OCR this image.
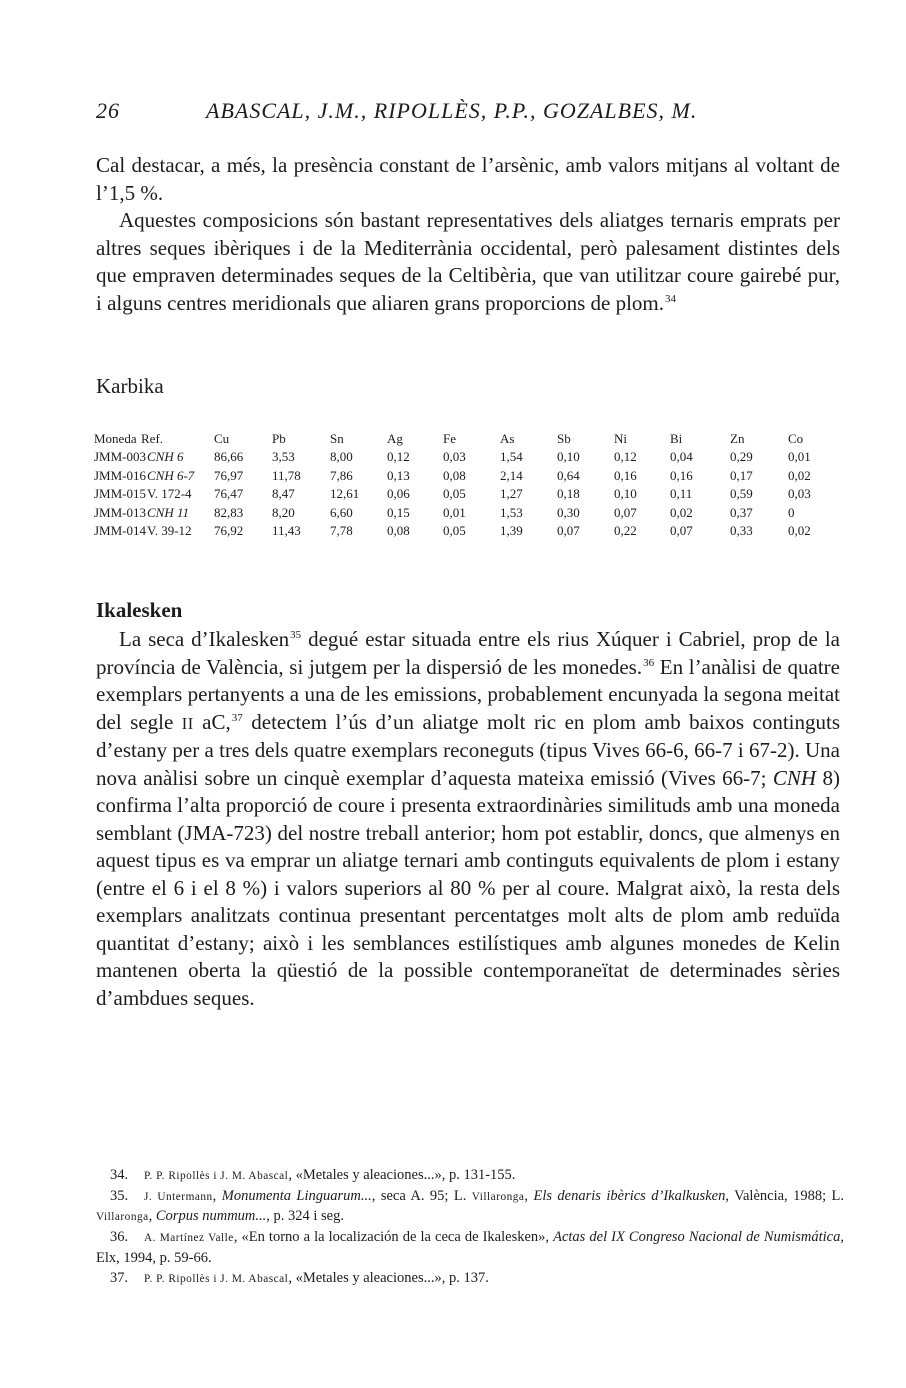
26	ABASCAL, J.M., RIPOLLÈS, P.P., GOZALBES, M.

Cal destacar, a més, la presència constant de l’arsènic, amb valors mitjans al voltant de l’1,5 %.

Aquestes composicions són bastant representatives dels aliatges ternaris emprats per altres seques ibèriques i de la Mediterrània occidental, però palesament distintes dels que empraven determinades seques de la Celtibèria, que van utilitzar coure gairebé pur, i alguns centres meridionals que aliaren grans proporcions de plom.$^{34}$

Karbika

Moneda	Ref.	Cu	Pb	Sn	Ag	Fe	As	Sb	Ni	Bi	Zn	Co
JMM-003	CNH 6	86,66	3,53	8,00	0,12	0,03	1,54	0,10	0,12	0,04	0,29	0,01
JMM-016	CNH 6-7	76,97	11,78	7,86	0,13	0,08	2,14	0,64	0,16	0,16	0,17	0,02
JMM-015	V. 172-4	76,47	8,47	12,61	0,06	0,05	1,27	0,18	0,10	0,11	0,59	0,03
JMM-013	CNH 11	82,83	8,20	6,60	0,15	0,01	1,53	0,30	0,07	0,02	0,37	0
JMM-014	V. 39-12	76,92	11,43	7,78	0,08	0,05	1,39	0,07	0,22	0,07	0,33	0,02

Ikalesken

La seca d’Ikalesken$^{35}$ degué estar situada entre els rius Xúquer i Cabriel, prop de la província de València, si jutgem per la dispersió de les monedes.$^{36}$ En l’anàlisi de quatre exemplars pertanyents a una de les emissions, probablement encunyada la segona meitat del segle II aC,$^{37}$ detectem l’ús d’un aliatge molt ric en plom amb baixos continguts d’estany per a tres dels quatre exemplars reconeguts (tipus Vives 66-6, 66-7 i 67-2). Una nova anàlisi sobre un cinquè exemplar d’aquesta mateixa emissió (Vives 66-7; CNH 8) confirma l’alta proporció de coure i presenta extraordinàries similituds amb una moneda semblant (JMA-723) del nostre treball anterior; hom pot establir, doncs, que almenys en aquest tipus es va emprar un aliatge ternari amb continguts equivalents de plom i estany (entre el 6 i el 8 %) i valors superiors al 80 % per al coure. Malgrat això, la resta dels exemplars analitzats continua presentant percentatges molt alts de plom amb reduïda quantitat d’estany; això i les semblances estilístiques amb algunes monedes de Kelin mantenen oberta la qüestió de la possible contemporaneïtat de determinades sèries d’ambdues seques.

34. P. P. Ripollès i J. M. Abascal, «Metales y aleaciones...», p. 131-155.

35. J. Untermann, Monumenta Linguarum..., seca A. 95; L. Villaronga, Els denaris ibèrics d’Ikalkusken, València, 1988; L. Villaronga, Corpus nummum..., p. 324 i seg.

36. A. Martínez Valle, «En torno a la localización de la ceca de Ikalesken», Actas del IX Congreso Nacional de Numismática, Elx, 1994, p. 59-66.

37. P. P. Ripollès i J. M. Abascal, «Metales y aleaciones...», p. 137.
